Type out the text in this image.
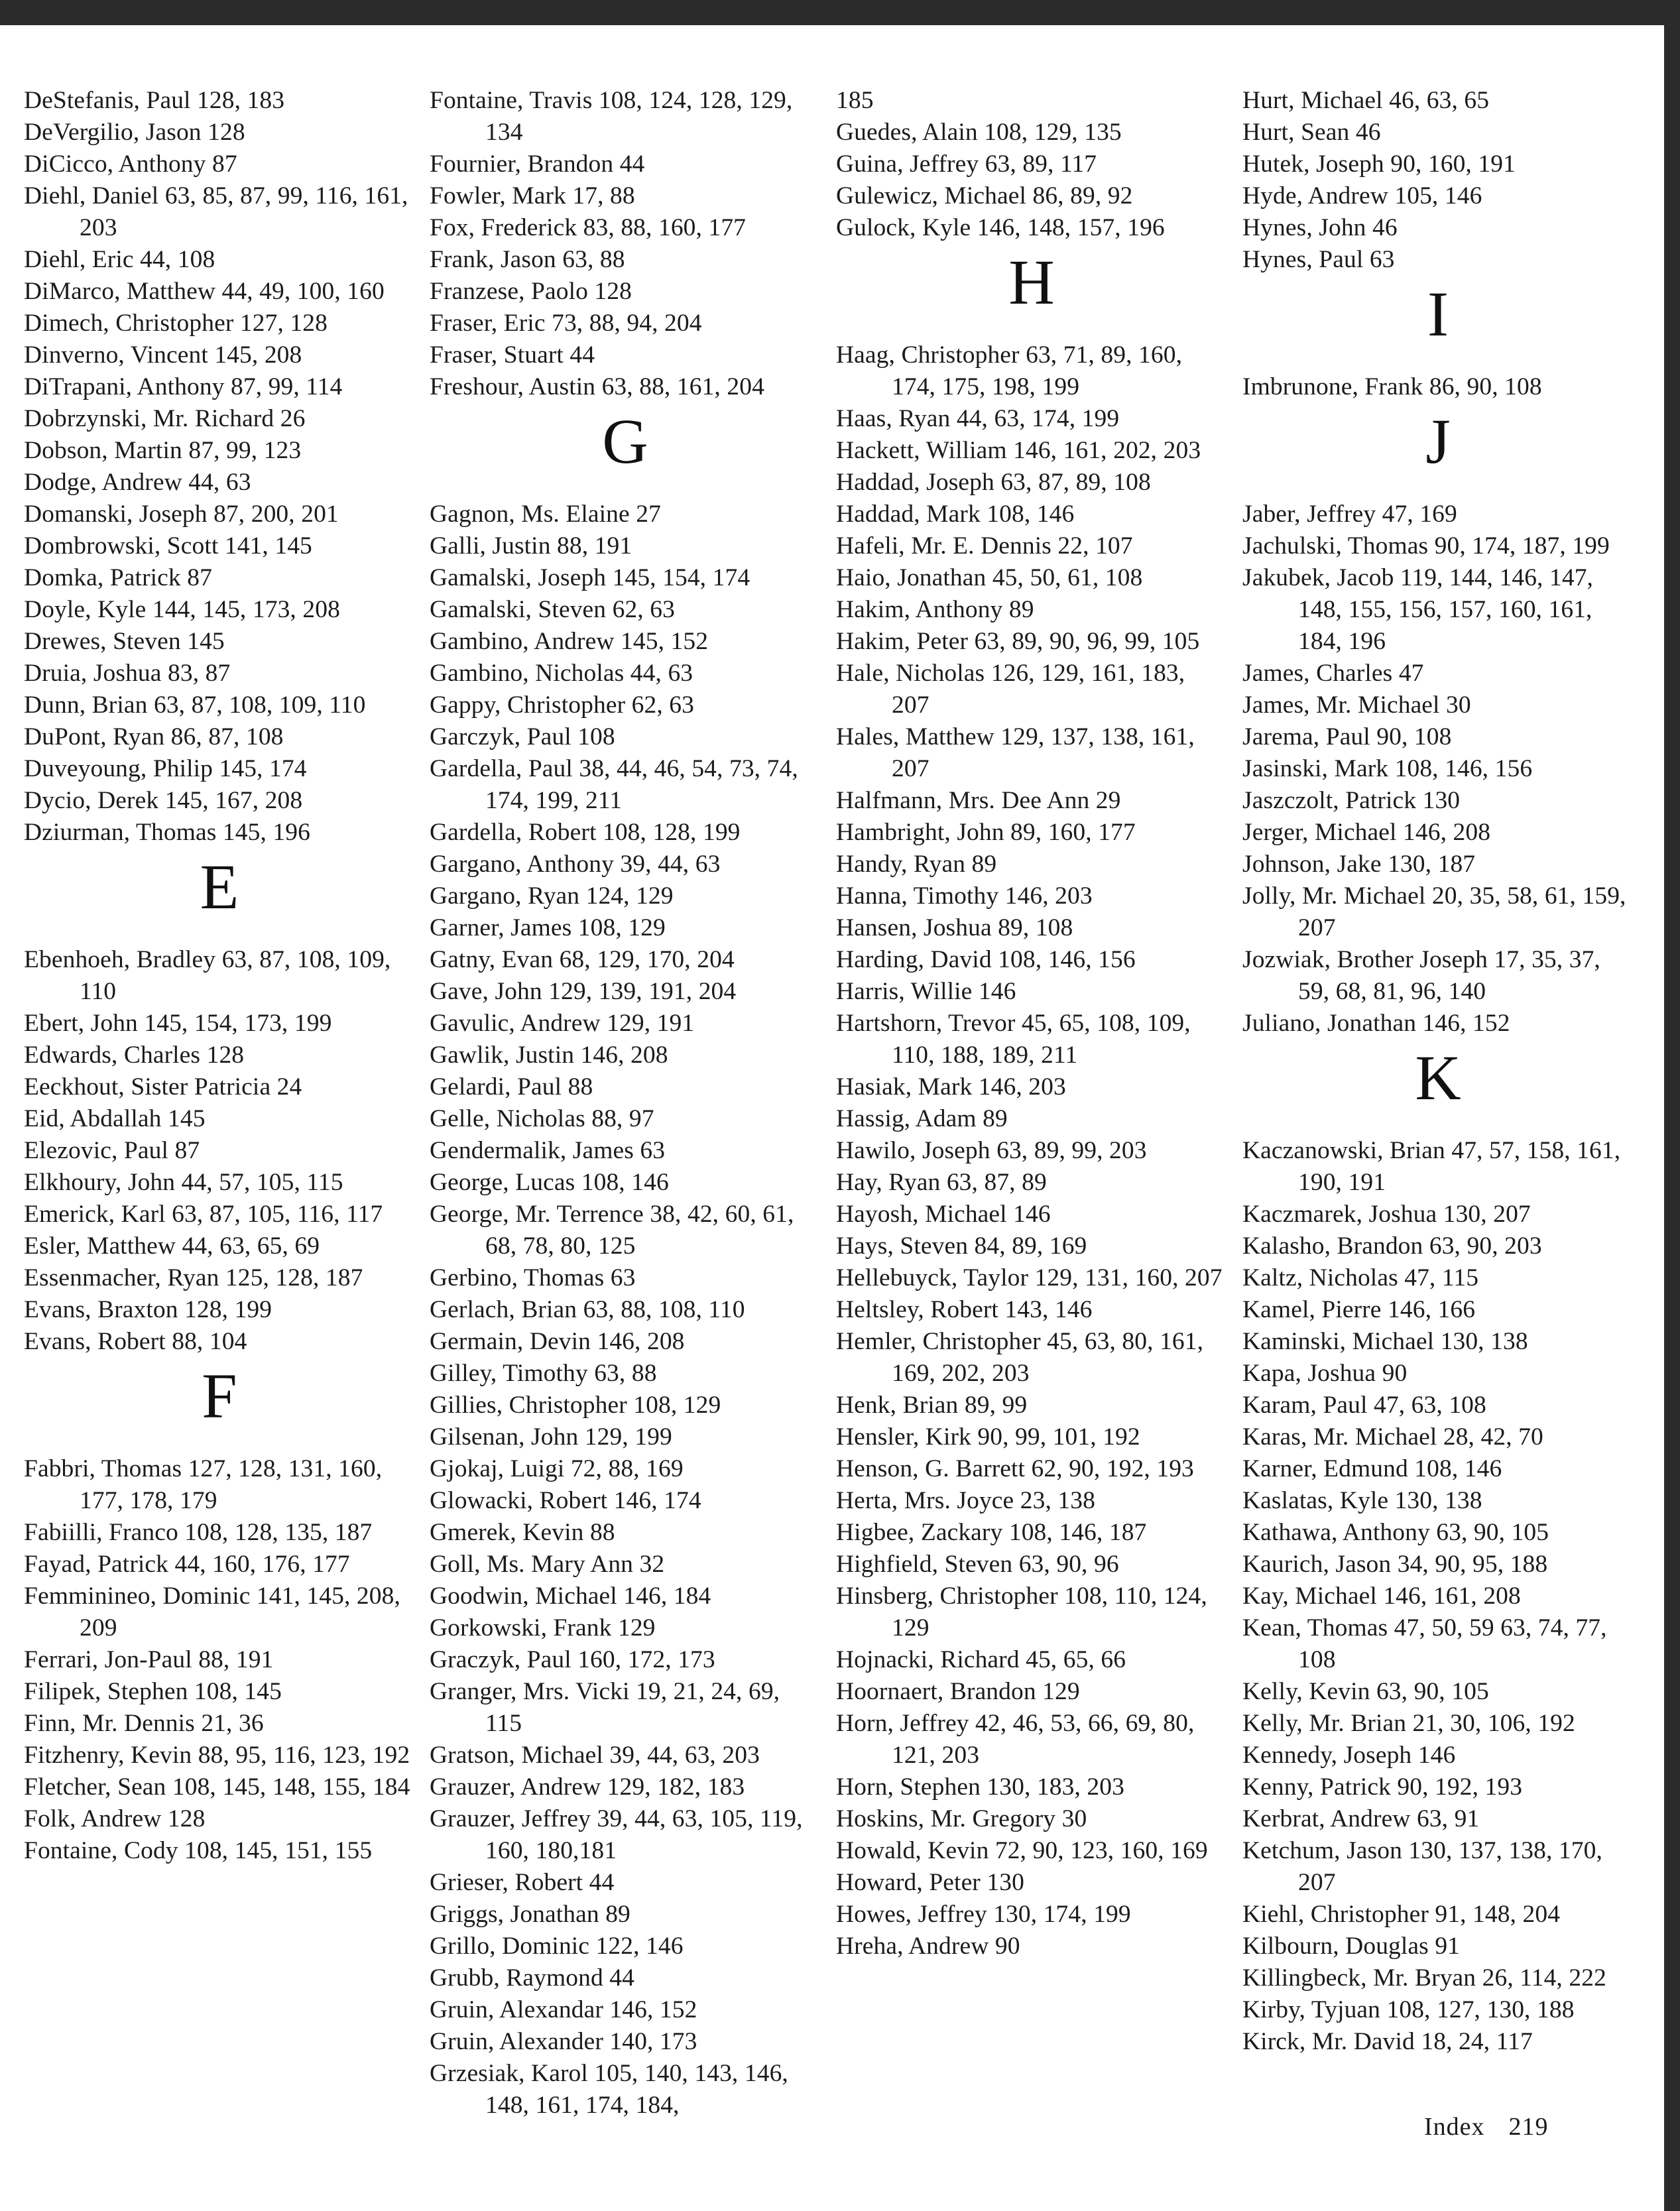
DeStefanis, Paul 128, 183
DeVergilio, Jason 128
DiCicco, Anthony 87
Diehl, Daniel 63, 85, 87, 99, 116, 161, 203
Diehl, Eric 44, 108
DiMarco, Matthew 44, 49, 100, 160
Dimech, Christopher 127, 128
Dinverno, Vincent 145, 208
DiTrapani, Anthony 87, 99, 114
Dobrzynski, Mr. Richard 26
Dobson, Martin 87, 99, 123
Dodge, Andrew 44, 63
Domanski, Joseph 87, 200, 201
Dombrowski, Scott 141, 145
Domka, Patrick 87
Doyle, Kyle 144, 145, 173, 208
Drewes, Steven 145
Druia, Joshua 83, 87
Dunn, Brian 63, 87, 108, 109, 110
DuPont, Ryan 86, 87, 108
Duveyoung, Philip 145, 174
Dycio, Derek 145, 167, 208
Dziurman, Thomas 145, 196
E
Ebenhoeh, Bradley 63, 87, 108, 109, 110
Ebert, John 145, 154, 173, 199
Edwards, Charles 128
Eeckhout, Sister Patricia 24
Eid, Abdallah 145
Elezovic, Paul 87
Elkhoury, John 44, 57, 105, 115
Emerick, Karl 63, 87, 105, 116, 117
Esler, Matthew 44, 63, 65, 69
Essenmacher, Ryan 125, 128, 187
Evans, Braxton 128, 199
Evans, Robert 88, 104
F
Fabbri, Thomas 127, 128, 131, 160, 177, 178, 179
Fabiilli, Franco 108, 128, 135, 187
Fayad, Patrick 44, 160, 176, 177
Femminineo, Dominic 141, 145, 208, 209
Ferrari, Jon-Paul 88, 191
Filipek, Stephen 108, 145
Finn, Mr. Dennis 21, 36
Fitzhenry, Kevin 88, 95, 116, 123, 192
Fletcher, Sean 108, 145, 148, 155, 184
Folk, Andrew 128
Fontaine, Cody 108, 145, 151, 155
Fontaine, Travis 108, 124, 128, 129, 134
Fournier, Brandon 44
Fowler, Mark 17, 88
Fox, Frederick 83, 88, 160, 177
Frank, Jason 63, 88
Franzese, Paolo 128
Fraser, Eric 73, 88, 94, 204
Fraser, Stuart 44
Freshour, Austin 63, 88, 161, 204
G
Gagnon, Ms. Elaine 27
Galli, Justin 88, 191
Gamalski, Joseph 145, 154, 174
Gamalski, Steven 62, 63
Gambino, Andrew 145, 152
Gambino, Nicholas 44, 63
Gappy, Christopher 62, 63
Garczyk, Paul 108
Gardella, Paul 38, 44, 46, 54, 73, 74, 174, 199, 211
Gardella, Robert 108, 128, 199
Gargano, Anthony 39, 44, 63
Gargano, Ryan 124, 129
Garner, James 108, 129
Gatny, Evan 68, 129, 170, 204
Gave, John 129, 139, 191, 204
Gavulic, Andrew 129, 191
Gawlik, Justin 146, 208
Gelardi, Paul 88
Gelle, Nicholas 88, 97
Gendermalik, James 63
George, Lucas 108, 146
George, Mr. Terrence 38, 42, 60, 61, 68, 78, 80, 125
Gerbino, Thomas 63
Gerlach, Brian 63, 88, 108, 110
Germain, Devin 146, 208
Gilley, Timothy 63, 88
Gillies, Christopher 108, 129
Gilsenan, John 129, 199
Gjokaj, Luigi 72, 88, 169
Glowacki, Robert 146, 174
Gmerek, Kevin 88
Goll, Ms. Mary Ann 32
Goodwin, Michael 146, 184
Gorkowski, Frank 129
Graczyk, Paul 160, 172, 173
Granger, Mrs. Vicki 19, 21, 24, 69, 115
Gratson, Michael 39, 44, 63, 203
Grauzer, Andrew 129, 182, 183
Grauzer, Jeffrey 39, 44, 63, 105, 119, 160, 180,181
Grieser, Robert 44
Griggs, Jonathan 89
Grillo, Dominic 122, 146
Grubb, Raymond 44
Gruin, Alexandar 146, 152
Gruin, Alexander 140, 173
Grzesiak, Karol 105, 140, 143, 146, 148, 161, 174, 184,
185
Guedes, Alain 108, 129, 135
Guina, Jeffrey 63, 89, 117
Gulewicz, Michael 86, 89, 92
Gulock, Kyle 146, 148, 157, 196
H
Haag, Christopher 63, 71, 89, 160, 174, 175, 198, 199
Haas, Ryan 44, 63, 174, 199
Hackett, William 146, 161, 202, 203
Haddad, Joseph 63, 87, 89, 108
Haddad, Mark 108, 146
Hafeli, Mr. E. Dennis 22, 107
Haio, Jonathan 45, 50, 61, 108
Hakim, Anthony 89
Hakim, Peter 63, 89, 90, 96, 99, 105
Hale, Nicholas 126, 129, 161, 183, 207
Hales, Matthew 129, 137, 138, 161, 207
Halfmann, Mrs. Dee Ann 29
Hambright, John 89, 160, 177
Handy, Ryan 89
Hanna, Timothy 146, 203
Hansen, Joshua 89, 108
Harding, David 108, 146, 156
Harris, Willie 146
Hartshorn, Trevor 45, 65, 108, 109, 110, 188, 189, 211
Hasiak, Mark 146, 203
Hassig, Adam 89
Hawilo, Joseph 63, 89, 99, 203
Hay, Ryan 63, 87, 89
Hayosh, Michael 146
Hays, Steven 84, 89, 169
Hellebuyck, Taylor 129, 131, 160, 207
Heltsley, Robert 143, 146
Hemler, Christopher 45, 63, 80, 161, 169, 202, 203
Henk, Brian 89, 99
Hensler, Kirk 90, 99, 101, 192
Henson, G. Barrett 62, 90, 192, 193
Herta, Mrs. Joyce 23, 138
Higbee, Zackary 108, 146, 187
Highfield, Steven 63, 90, 96
Hinsberg, Christopher 108, 110, 124, 129
Hojnacki, Richard 45, 65, 66
Hoornaert, Brandon 129
Horn, Jeffrey 42, 46, 53, 66, 69, 80, 121, 203
Horn, Stephen 130, 183, 203
Hoskins, Mr. Gregory 30
Howald, Kevin 72, 90, 123, 160, 169
Howard, Peter 130
Howes, Jeffrey 130, 174, 199
Hreha, Andrew 90
Hurt, Michael 46, 63, 65
Hurt, Sean 46
Hutek, Joseph 90, 160, 191
Hyde, Andrew 105, 146
Hynes, John 46
Hynes, Paul 63
I
Imbrunone, Frank 86, 90, 108
J
Jaber, Jeffrey 47, 169
Jachulski, Thomas 90, 174, 187, 199
Jakubek, Jacob 119, 144, 146, 147, 148, 155, 156, 157, 160, 161, 184, 196
James, Charles 47
James, Mr. Michael 30
Jarema, Paul 90, 108
Jasinski, Mark 108, 146, 156
Jaszczolt, Patrick 130
Jerger, Michael 146, 208
Johnson, Jake 130, 187
Jolly, Mr. Michael 20, 35, 58, 61, 159, 207
Jozwiak, Brother Joseph 17, 35, 37, 59, 68, 81, 96, 140
Juliano, Jonathan 146, 152
K
Kaczanowski, Brian 47, 57, 158, 161, 190, 191
Kaczmarek, Joshua 130, 207
Kalasho, Brandon 63, 90, 203
Kaltz, Nicholas 47, 115
Kamel, Pierre 146, 166
Kaminski, Michael 130, 138
Kapa, Joshua 90
Karam, Paul 47, 63, 108
Karas, Mr. Michael 28, 42, 70
Karner, Edmund 108, 146
Kaslatas, Kyle 130, 138
Kathawa, Anthony 63, 90, 105
Kaurich, Jason 34, 90, 95, 188
Kay, Michael 146, 161, 208
Kean, Thomas 47, 50, 59 63, 74, 77, 108
Kelly, Kevin 63, 90, 105
Kelly, Mr. Brian 21, 30, 106, 192
Kennedy, Joseph 146
Kenny, Patrick 90, 192, 193
Kerbrat, Andrew 63, 91
Ketchum, Jason 130, 137, 138, 170, 207
Kiehl, Christopher 91, 148, 204
Kilbourn, Douglas 91
Killingbeck, Mr. Bryan 26, 114, 222
Kirby, Tyjuan 108, 127, 130, 188
Kirck, Mr. David 18, 24, 117
Index 219
